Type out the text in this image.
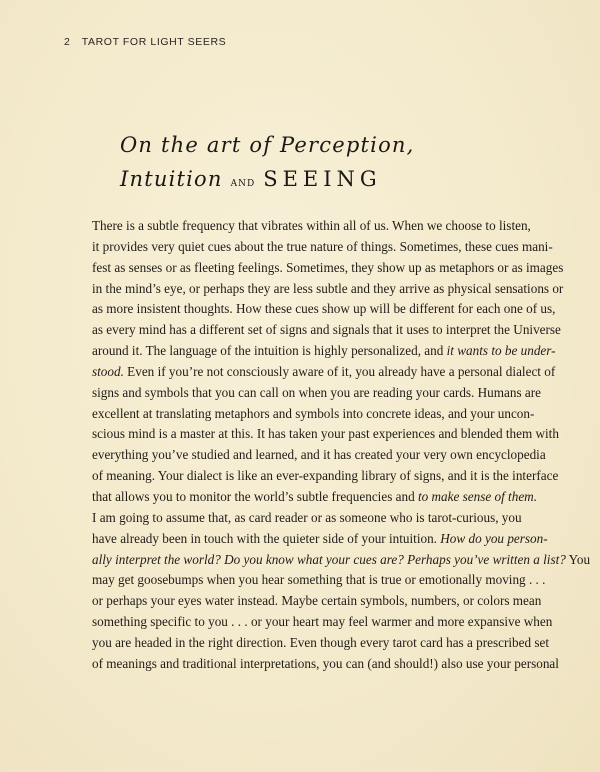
2 TAROT FOR LIGHT SEERS
On the art of Perception,
Intuition AND SEEING

There is a subtle frequency that vibrates within all of us. When we choose to listen,
it provides very quiet cues about the true nature of things. Sometimes, these cues mani-
fest as senses or as fleeting feelings. Sometimes, they show up as metaphors or as images
in the mind’s eye, or perhaps they are less subtle and they arrive as physical sensations or
as more insistent thoughts. How these cues show up will be different for each one of us,
as every mind has a different set of signs and signals that it uses to interpret the Universe
around it. The language of the intuition is highly personalized, and it wants to be under-
stood. Even if you’re not consciously aware of it, you already have a personal dialect of
signs and symbols that you can call on when you are reading your cards. Humans are
excellent at translating metaphors and symbols into concrete ideas, and your uncon-
scious mind is a master at this. It has taken your past experiences and blended them with
everything you’ve studied and learned, and it has created your very own encyclopedia
of meaning. Your dialect is like an ever-expanding library of signs, and it is the interface
that allows you to monitor the world’s subtle frequencies and to make sense of them.

I am going to assume that, as card reader or as someone who is tarot-curious, you
have already been in touch with the quieter side of your intuition. How do you person-
ally interpret the world? Do you know what your cues are? Perhaps you’ve written a list? You
may get goosebumps when you hear something that is true or emotionally moving . . .
or perhaps your eyes water instead. Maybe certain symbols, numbers, or colors mean
something specific to you . . . or your heart may feel warmer and more expansive when
you are headed in the right direction. Even though every tarot card has a prescribed set
of meanings and traditional interpretations, you can (and should!) also use your personal
